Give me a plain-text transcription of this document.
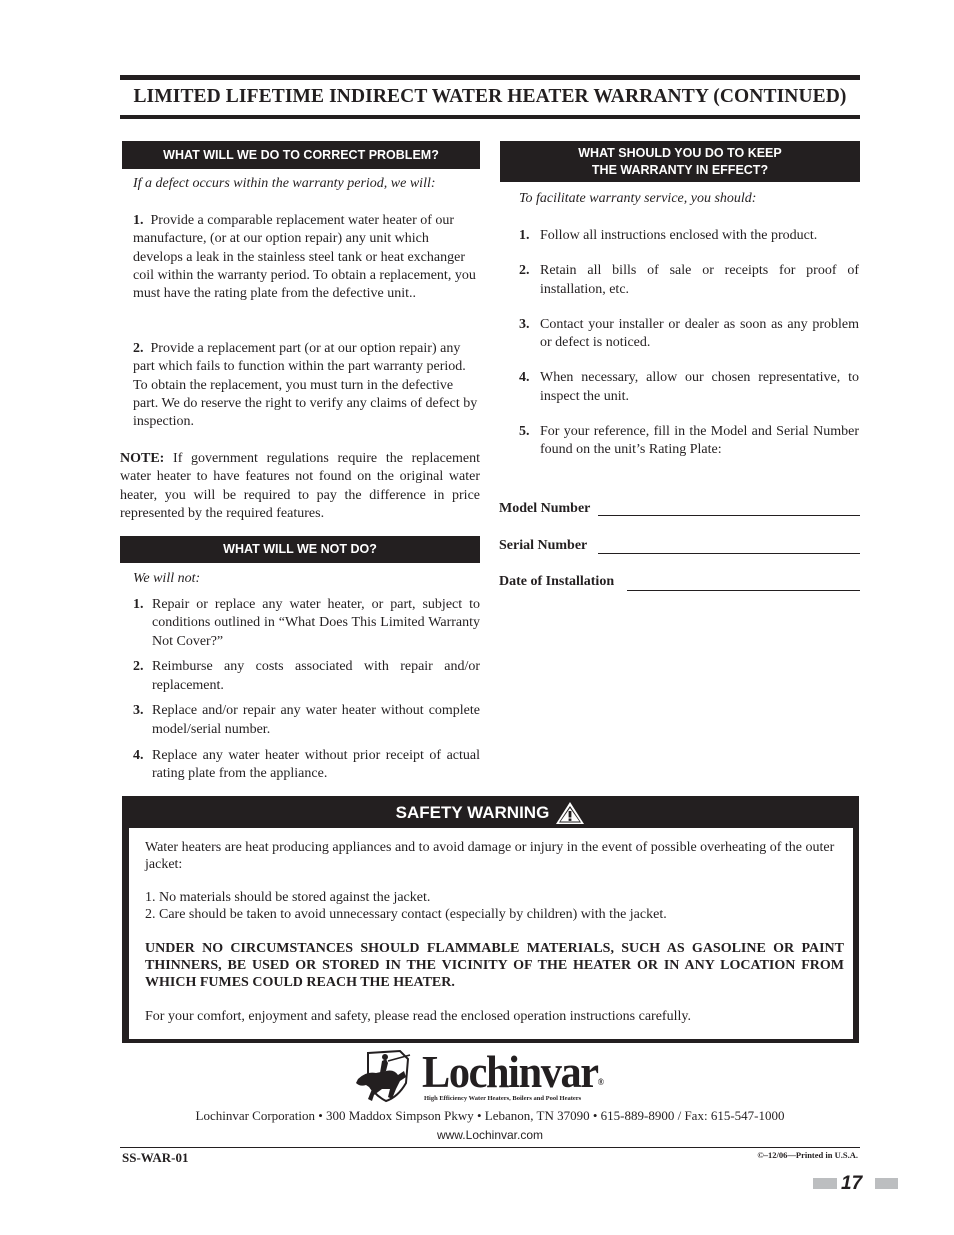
LIMITED LIFETIME INDIRECT WATER HEATER WARRANTY (CONTINUED)
WHAT WILL WE DO TO CORRECT PROBLEM?
If a defect occurs within the warranty period, we will:
1. Provide a comparable replacement water heater of our manufacture, (or at our option repair) any unit which develops a leak in the stainless steel tank or heat exchanger coil within the warranty period. To obtain a replacement, you must have the rating plate from the defective unit..
2. Provide a replacement part (or at our option repair) any part which fails to function within the part warranty period. To obtain the replacement, you must turn in the defective part. We do reserve the right to verify any claims of defect by inspection.
NOTE: If government regulations require the replacement water heater to have features not found on the original water heater, you will be required to pay the difference in price represented by the required features.
WHAT WILL WE NOT DO?
We will not:
1. Repair or replace any water heater, or part, subject to conditions outlined in “What Does This Limited Warranty Not Cover?”
2. Reimburse any costs associated with repair and/or replacement.
3. Replace and/or repair any water heater without complete model/serial number.
4. Replace any water heater without prior receipt of actual rating plate from the appliance.
WHAT SHOULD YOU DO TO KEEP
THE WARRANTY IN EFFECT?
To facilitate warranty service, you should:
1. Follow all instructions enclosed with the product.
2. Retain all bills of sale or receipts for proof of installation, etc.
3. Contact your installer or dealer as soon as any problem or defect is noticed.
4. When necessary, allow our chosen representative, to inspect the unit.
5. For your reference, fill in the Model and Serial Number found on the unit’s Rating Plate:
Model Number
Serial Number
Date of Installation
SAFETY WARNING
Water heaters are heat producing appliances and to avoid damage or injury in the event of possible overheating of the outer jacket:
1. No materials should be stored against the jacket.
2. Care should be taken to avoid unnecessary contact (especially by children) with the jacket.
UNDER NO CIRCUMSTANCES SHOULD FLAMMABLE MATERIALS, SUCH AS GASOLINE OR PAINT THINNERS, BE USED OR STORED IN THE VICINITY OF THE HEATER OR IN ANY LOCATION FROM WHICH FUMES COULD REACH THE HEATER.
For your comfort, enjoyment and safety, please read the enclosed operation instructions carefully.
Lochinvar®
High Efficiency Water Heaters, Boilers and Pool Heaters
Lochinvar Corporation • 300 Maddox Simpson Pkwy • Lebanon, TN 37090 • 615-889-8900 / Fax: 615-547-1000
www.Lochinvar.com
SS-WAR-01	©–12/06—Printed in U.S.A.
17
